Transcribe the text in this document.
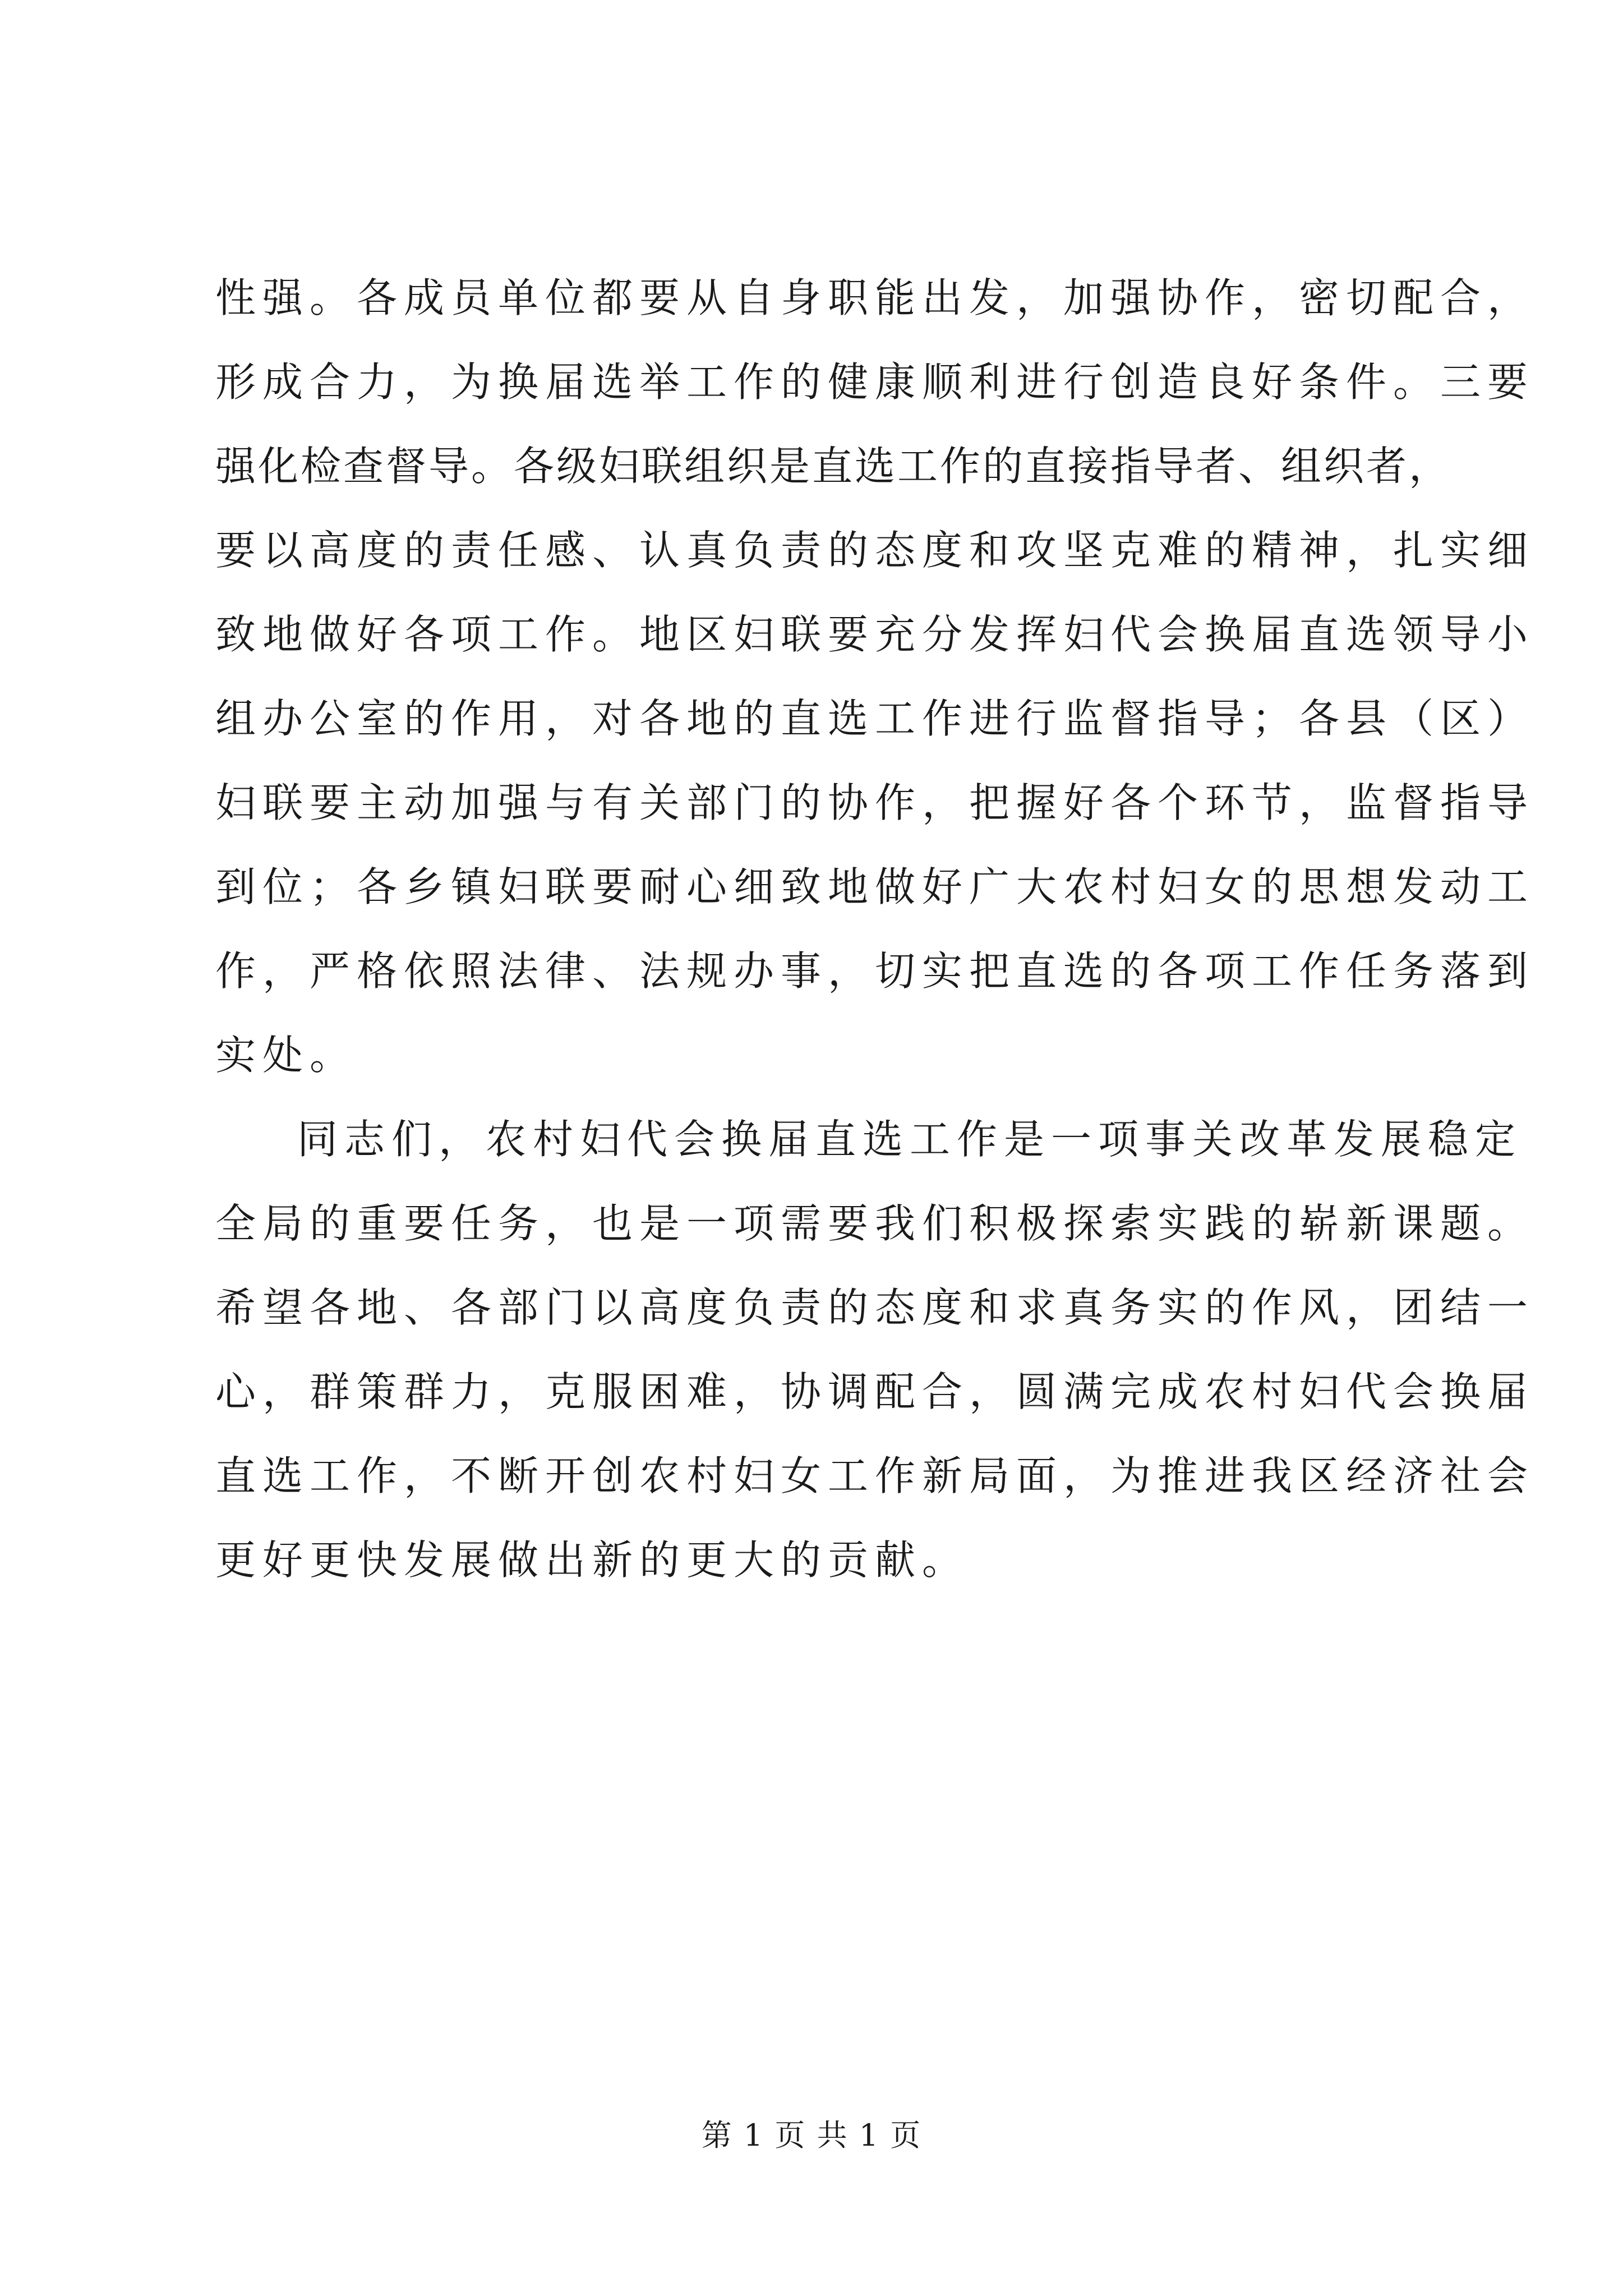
性强。各成员单位都要从自身职能出发，加强协作，密切配合，
形成合力，为换届选举工作的健康顺利进行创造良好条件。三要
强化检查督导。各级妇联组织是直选工作的直接指导者、组织者，
要以高度的责任感、认真负责的态度和攻坚克难的精神，扎实细
致地做好各项工作。地区妇联要充分发挥妇代会换届直选领导小
组办公室的作用，对各地的直选工作进行监督指导；各县（区）
妇联要主动加强与有关部门的协作，把握好各个环节，监督指导
到位；各乡镇妇联要耐心细致地做好广大农村妇女的思想发动工
作，严格依照法律、法规办事，切实把直选的各项工作任务落到
实处。
同志们，农村妇代会换届直选工作是一项事关改革发展稳定
全局的重要任务，也是一项需要我们积极探索实践的崭新课题。
希望各地、各部门以高度负责的态度和求真务实的作风，团结一
心，群策群力，克服困难，协调配合，圆满完成农村妇代会换届
直选工作，不断开创农村妇女工作新局面，为推进我区经济社会
更好更快发展做出新的更大的贡献。
第 1 页 共 1 页
